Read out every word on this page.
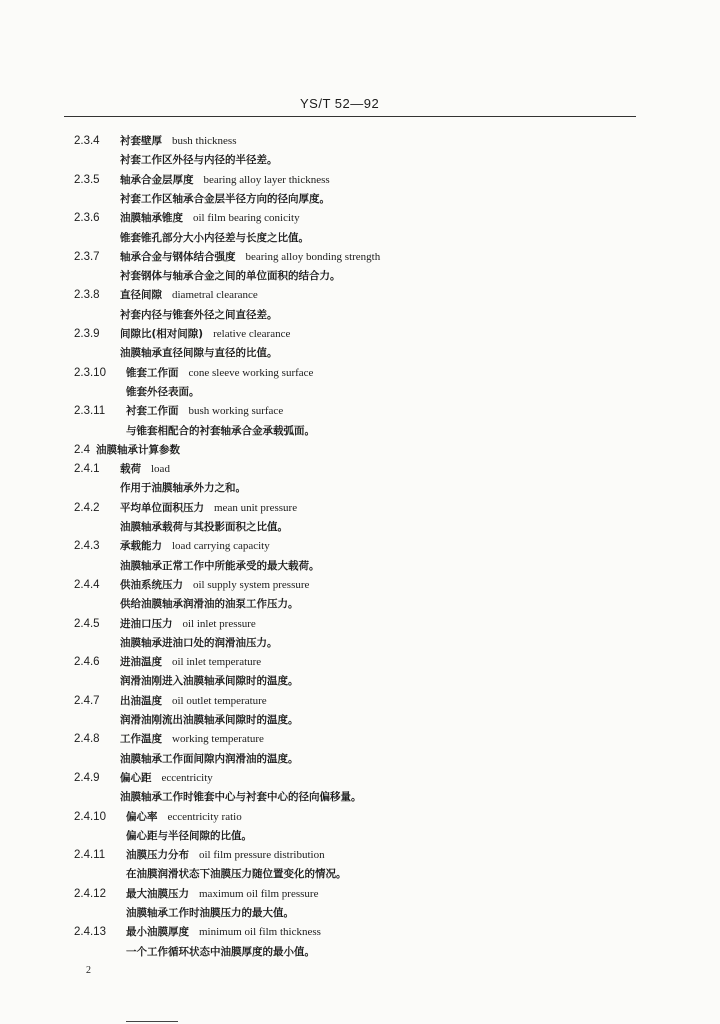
YS/T 52—92
2.3.4 衬套壁厚 bush thickness
衬套工作区外径与内径的半径差。
2.3.5 轴承合金层厚度 bearing alloy layer thickness
衬套工作区轴承合金层半径方向的径向厚度。
2.3.6 油膜轴承锥度 oil film bearing conicity
锥套锥孔部分大小内径差与长度之比值。
2.3.7 轴承合金与钢体结合强度 bearing alloy bonding strength
衬套钢体与轴承合金之间的单位面积的结合力。
2.3.8 直径间隙 diametral clearance
衬套内径与锥套外径之间直径差。
2.3.9 间隙比(相对间隙) relative clearance
油膜轴承直径间隙与直径的比值。
2.3.10 锥套工作面 cone sleeve working surface
锥套外径表面。
2.3.11 衬套工作面 bush working surface
与锥套相配合的衬套轴承合金承载弧面。
2.4 油膜轴承计算参数
2.4.1 载荷 load
作用于油膜轴承外力之和。
2.4.2 平均单位面积压力 mean unit pressure
油膜轴承载荷与其投影面积之比值。
2.4.3 承载能力 load carrying capacity
油膜轴承正常工作中所能承受的最大载荷。
2.4.4 供油系统压力 oil supply system pressure
供给油膜轴承润滑油的油泵工作压力。
2.4.5 进油口压力 oil inlet pressure
油膜轴承进油口处的润滑油压力。
2.4.6 进油温度 oil inlet temperature
润滑油刚进入油膜轴承间隙时的温度。
2.4.7 出油温度 oil outlet temperature
润滑油刚流出油膜轴承间隙时的温度。
2.4.8 工作温度 working temperature
油膜轴承工作面间隙内润滑油的温度。
2.4.9 偏心距 eccentricity
油膜轴承工作时锥套中心与衬套中心的径向偏移量。
2.4.10 偏心率 eccentricity ratio
偏心距与半径间隙的比值。
2.4.11 油膜压力分布 oil film pressure distribution
在油膜润滑状态下油膜压力随位置变化的情况。
2.4.12 最大油膜压力 maximum oil film pressure
油膜轴承工作时油膜压力的最大值。
2.4.13 最小油膜厚度 minimum oil film thickness
一个工作循环状态中油膜厚度的最小值。
2
